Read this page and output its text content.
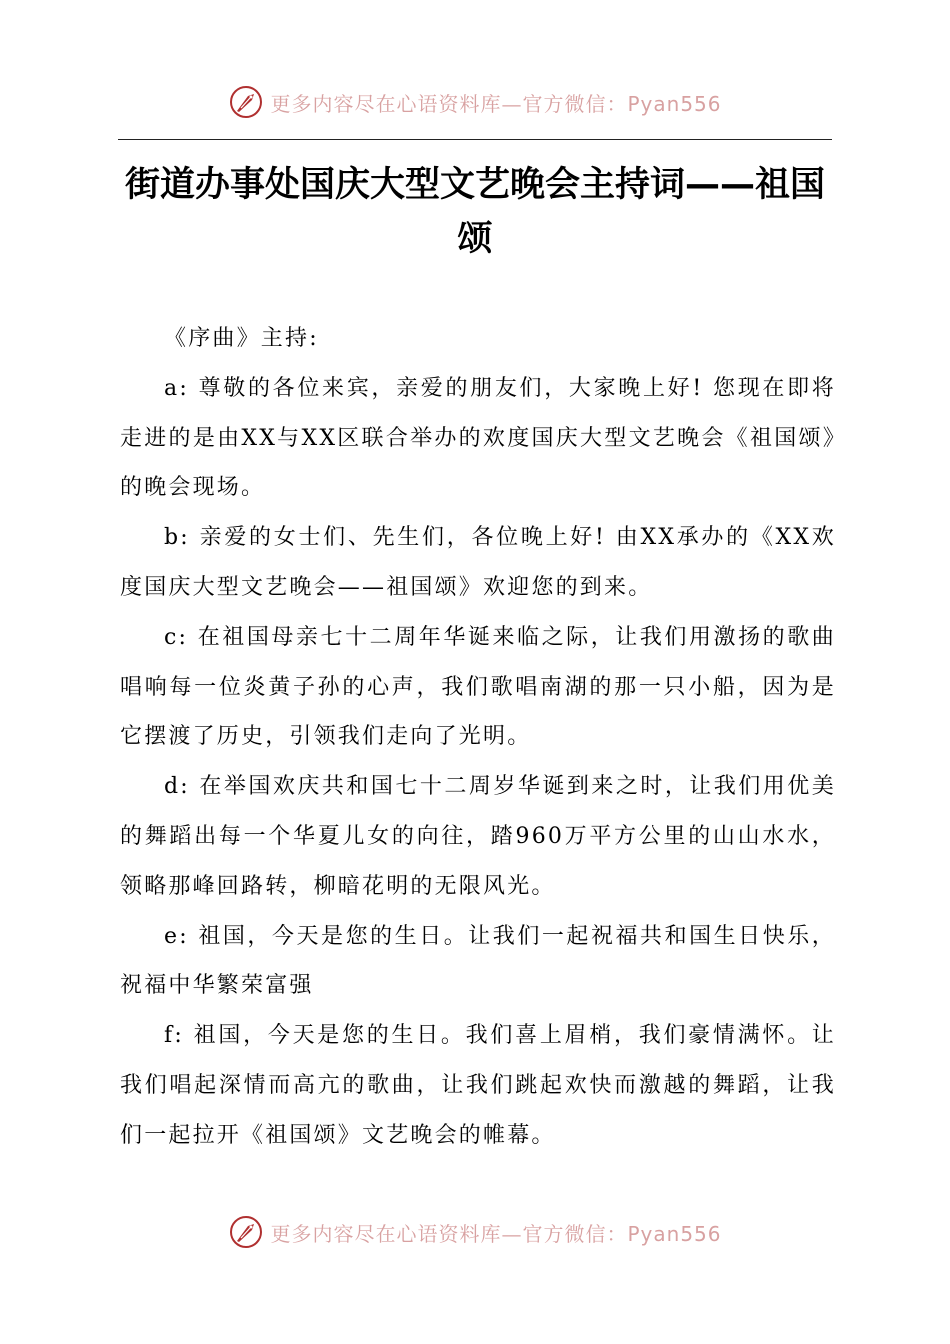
更多内容尽在心语资料库—官方微信：Pyan556
街道办事处国庆大型文艺晚会主持词——祖国颂

《序曲》主持:

a: 尊敬的各位来宾，亲爱的朋友们，大家晚上好! 您现在即将走进的是由XX与XX区联合举办的欢度国庆大型文艺晚会《祖国颂》的晚会现场。

b: 亲爱的女士们、先生们，各位晚上好! 由XX承办的《XX欢度国庆大型文艺晚会——祖国颂》欢迎您的到来。

c: 在祖国母亲七十二周年华诞来临之际，让我们用激扬的歌曲唱响每一位炎黄子孙的心声，我们歌唱南湖的那一只小船，因为是它摆渡了历史，引领我们走向了光明。

d: 在举国欢庆共和国七十二周岁华诞到来之时，让我们用优美的舞蹈出每一个华夏儿女的向往，踏960万平方公里的山山水水，领略那峰回路转，柳暗花明的无限风光。

e: 祖国，今天是您的生日。让我们一起祝福共和国生日快乐，祝福中华繁荣富强

f: 祖国，今天是您的生日。我们喜上眉梢，我们豪情满怀。让我们唱起深情而高亢的歌曲，让我们跳起欢快而激越的舞蹈，让我们一起拉开《祖国颂》文艺晚会的帷幕。

更多内容尽在心语资料库—官方微信：Pyan556
